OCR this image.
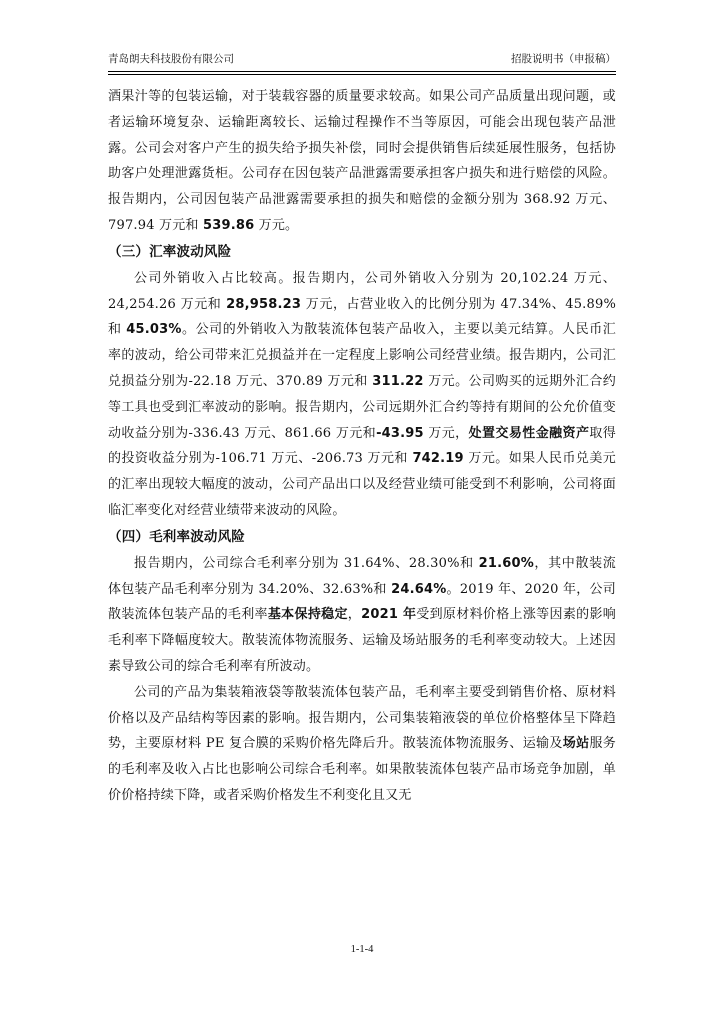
青岛朗夫科技股份有限公司	招股说明书（申报稿）

酒果汁等的包装运输，对于装载容器的质量要求较高。如果公司产品质量出现问题，或者运输环境复杂、运输距离较长、运输过程操作不当等原因，可能会出现包装产品泄露。公司会对客户产生的损失给予损失补偿，同时会提供销售后续延展性服务，包括协助客户处理泄露货柜。公司存在因包装产品泄露需要承担客户损失和进行赔偿的风险。报告期内，公司因包装产品泄露需要承担的损失和赔偿的金额分别为 368.92 万元、797.94 万元和 539.86 万元。

（三）汇率波动风险

公司外销收入占比较高。报告期内，公司外销收入分别为 20,102.24 万元、24,254.26 万元和 28,958.23 万元，占营业收入的比例分别为 47.34%、45.89%和 45.03%。公司的外销收入为散装流体包装产品收入，主要以美元结算。人民币汇率的波动，给公司带来汇兑损益并在一定程度上影响公司经营业绩。报告期内，公司汇兑损益分别为-22.18 万元、370.89 万元和 311.22 万元。公司购买的远期外汇合约等工具也受到汇率波动的影响。报告期内，公司远期外汇合约等持有期间的公允价值变动收益分别为-336.43 万元、861.66 万元和-43.95 万元，处置交易性金融资产取得的投资收益分别为-106.71 万元、-206.73 万元和 742.19 万元。如果人民币兑美元的汇率出现较大幅度的波动，公司产品出口以及经营业绩可能受到不利影响，公司将面临汇率变化对经营业绩带来波动的风险。

（四）毛利率波动风险

报告期内，公司综合毛利率分别为 31.64%、28.30%和 21.60%，其中散装流体包装产品毛利率分别为 34.20%、32.63%和 24.64%。2019 年、2020 年，公司散装流体包装产品的毛利率基本保持稳定，2021 年受到原材料价格上涨等因素的影响毛利率下降幅度较大。散装流体物流服务、运输及场站服务的毛利率变动较大。上述因素导致公司的综合毛利率有所波动。

公司的产品为集装箱液袋等散装流体包装产品，毛利率主要受到销售价格、原材料价格以及产品结构等因素的影响。报告期内，公司集装箱液袋的单位价格整体呈下降趋势，主要原材料 PE 复合膜的采购价格先降后升。散装流体物流服务、运输及场站服务的毛利率及收入占比也影响公司综合毛利率。如果散装流体包装产品市场竞争加剧，单价价格持续下降，或者采购价格发生不利变化且又无

1-1-4
